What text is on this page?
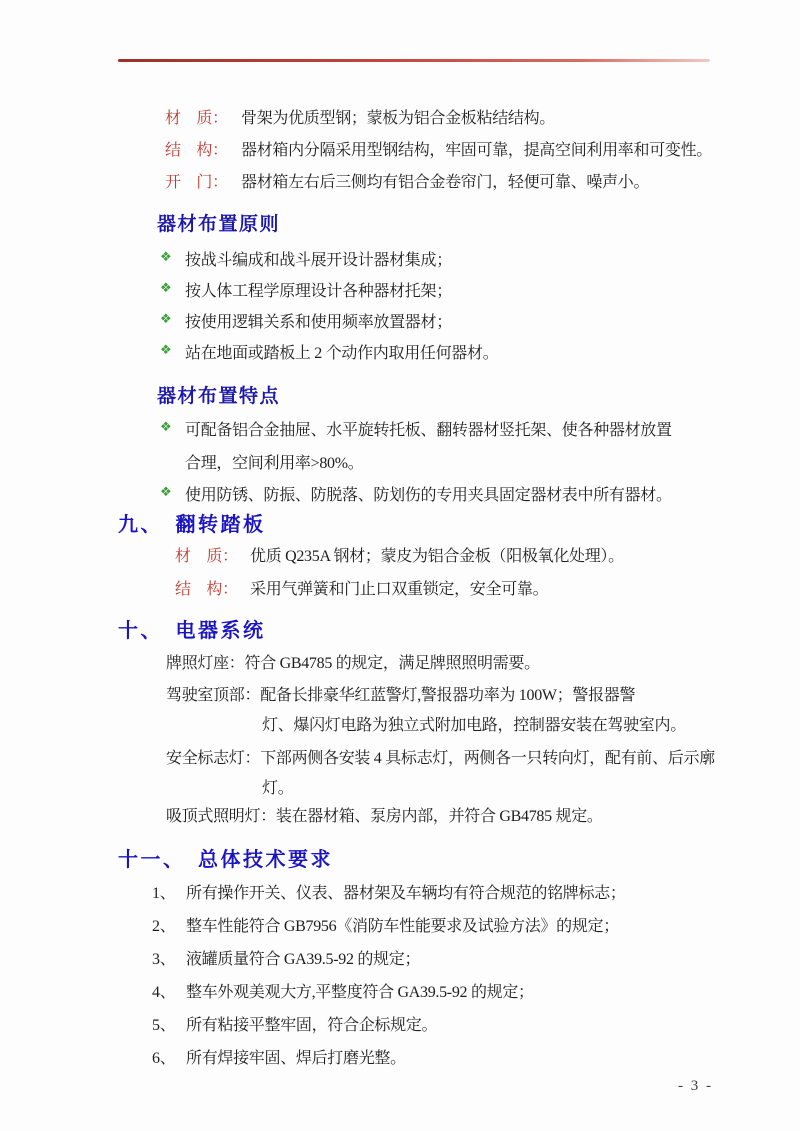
材　质： 骨架为优质型钢；蒙板为铝合金板粘结结构。
结　构： 器材箱内分隔采用型钢结构，牢固可靠，提高空间利用率和可变性。
开　门： 器材箱左右后三侧均有铝合金卷帘门，轻便可靠、噪声小。
器材布置原则
❖ 按战斗编成和战斗展开设计器材集成；
❖ 按人体工程学原理设计各种器材托架；
❖ 按使用逻辑关系和使用频率放置器材；
❖ 站在地面或踏板上 2 个动作内取用任何器材。
器材布置特点
❖ 可配备铝合金抽屉、水平旋转托板、翻转器材竖托架、使各种器材放置
合理，空间利用率>80%。
❖ 使用防锈、防振、防脱落、防划伤的专用夹具固定器材表中所有器材。
九、　翻转踏板
材　质： 优质 Q235A 钢材；蒙皮为铝合金板（阳极氧化处理）。
结　构： 采用气弹簧和门止口双重锁定，安全可靠。
十、　电器系统
牌照灯座：符合 GB4785 的规定，满足牌照照明需要。
驾驶室顶部：配备长排豪华红蓝警灯,警报器功率为 100W；警报器警
灯、爆闪灯电路为独立式附加电路，控制器安装在驾驶室内。
安全标志灯：下部两侧各安装 4 具标志灯，两侧各一只转向灯，配有前、后示廓
灯。
吸顶式照明灯：装在器材箱、泵房内部，并符合 GB4785 规定。
十一、　总体技术要求
1、 所有操作开关、仪表、器材架及车辆均有符合规范的铭牌标志；
2、 整车性能符合 GB7956《消防车性能要求及试验方法》的规定；
3、 液罐质量符合 GA39.5-92 的规定；
4、 整车外观美观大方,平整度符合 GA39.5-92 的规定；
5、 所有粘接平整牢固，符合企标规定。
6、 所有焊接牢固、焊后打磨光整。
- 3 -
